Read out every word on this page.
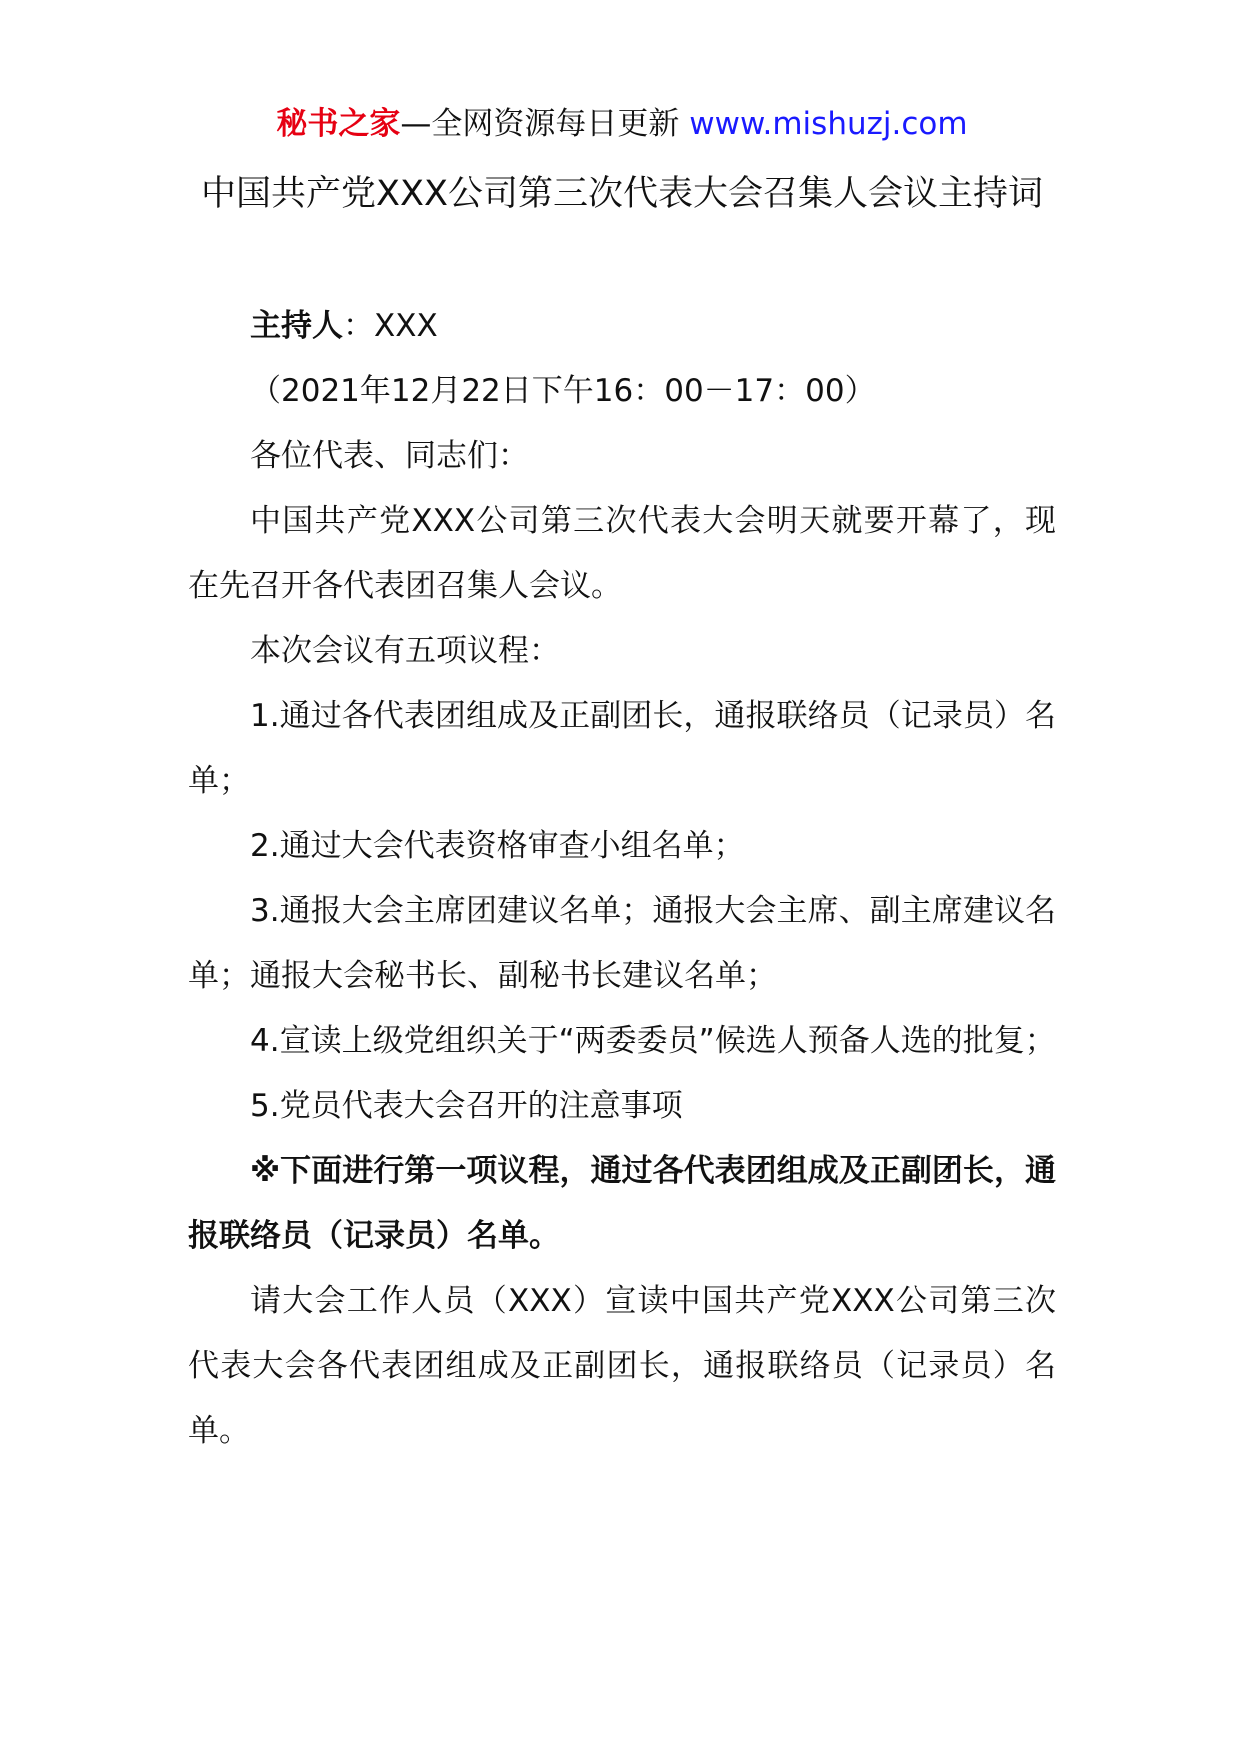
秘书之家—全网资源每日更新 www.mishuzj.com

中国共产党XXX公司第三次代表大会召集人会议主持词

主持人：XXX

（2021年12月22日下午16：00－17：00）

各位代表、同志们：

中国共产党XXX公司第三次代表大会明天就要开幕了，现在先召开各代表团召集人会议。

本次会议有五项议程：

1.通过各代表团组成及正副团长，通报联络员（记录员）名单；

2.通过大会代表资格审查小组名单；

3.通报大会主席团建议名单；通报大会主席、副主席建议名单；通报大会秘书长、副秘书长建议名单；

4.宣读上级党组织关于“两委委员”候选人预备人选的批复；

5.党员代表大会召开的注意事项

※下面进行第一项议程，通过各代表团组成及正副团长，通报联络员（记录员）名单。

请大会工作人员（XXX）宣读中国共产党XXX公司第三次代表大会各代表团组成及正副团长，通报联络员（记录员）名单。
